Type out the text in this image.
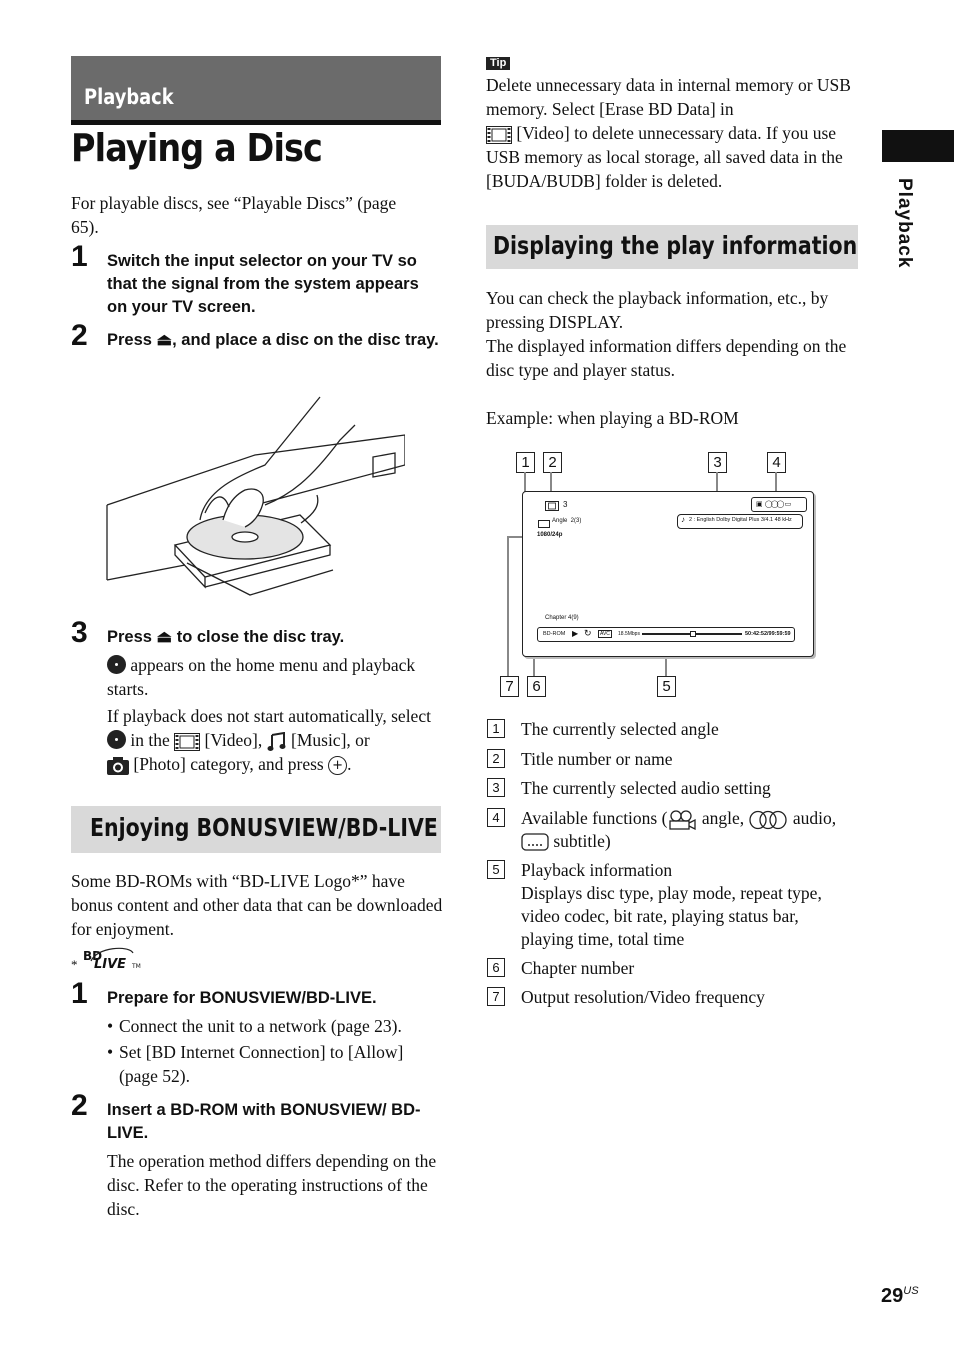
Playback
Playing a Disc
For playable discs, see “Playable Discs” (page 65).
1 Switch the input selector on your TV so that the signal from the system appears on your TV screen.
2 Press ⏏, and place a disc on the disc tray.
3 Press ⏏ to close the disc tray.
appears on the home menu and playback starts.
If playback does not start automatically, select
in the [Video], [Music], or
[Photo] category, and press + .
Enjoying BONUSVIEW/BD-LIVE
Some BD-ROMs with “BD-LIVE Logo*” have bonus content and other data that can be downloaded for enjoyment.
*
BD
LIVE TM
1 Prepare for BONUSVIEW/BD-LIVE.
• Connect the unit to a network (page 23).
• Set [BD Internet Connection] to [Allow] (page 52).
2 Insert a BD-ROM with BONUSVIEW/ BD-LIVE.
The operation method differs depending on the disc. Refer to the operating instructions of the disc.
Tip
Delete unnecessary data in internal memory or USB memory. Select [Erase BD Data] in
[Video] to delete unnecessary data. If you use USB memory as local storage, all saved data in the [BUDA/BUDB] folder is deleted.
Displaying the play information
You can check the playback information, etc., by pressing DISPLAY.
The displayed information differs depending on the disc type and player status.
Example: when playing a BD-ROM
1	2	3	4
7	6	5
3
Angle  2(3)
1080/24p
▣ ◯◯◯ ▭
♪ 2 : English Dolby Digital Plus 3/4.1 48 kHz
Chapter 4(9)
BD-ROM ▶ ↻	AVC	18.5Mbps	50:42:52/99:59:59
1	The currently selected angle
2	Title number or name
3	The currently selected audio setting
4	Available functions ( angle,	audio,
subtitle)
5	Playback information
Displays disc type, play mode, repeat type, video codec, bit rate, playing status bar, playing time, total time
6	Chapter number
7	Output resolution/Video frequency
Playback
$29^{US}$
